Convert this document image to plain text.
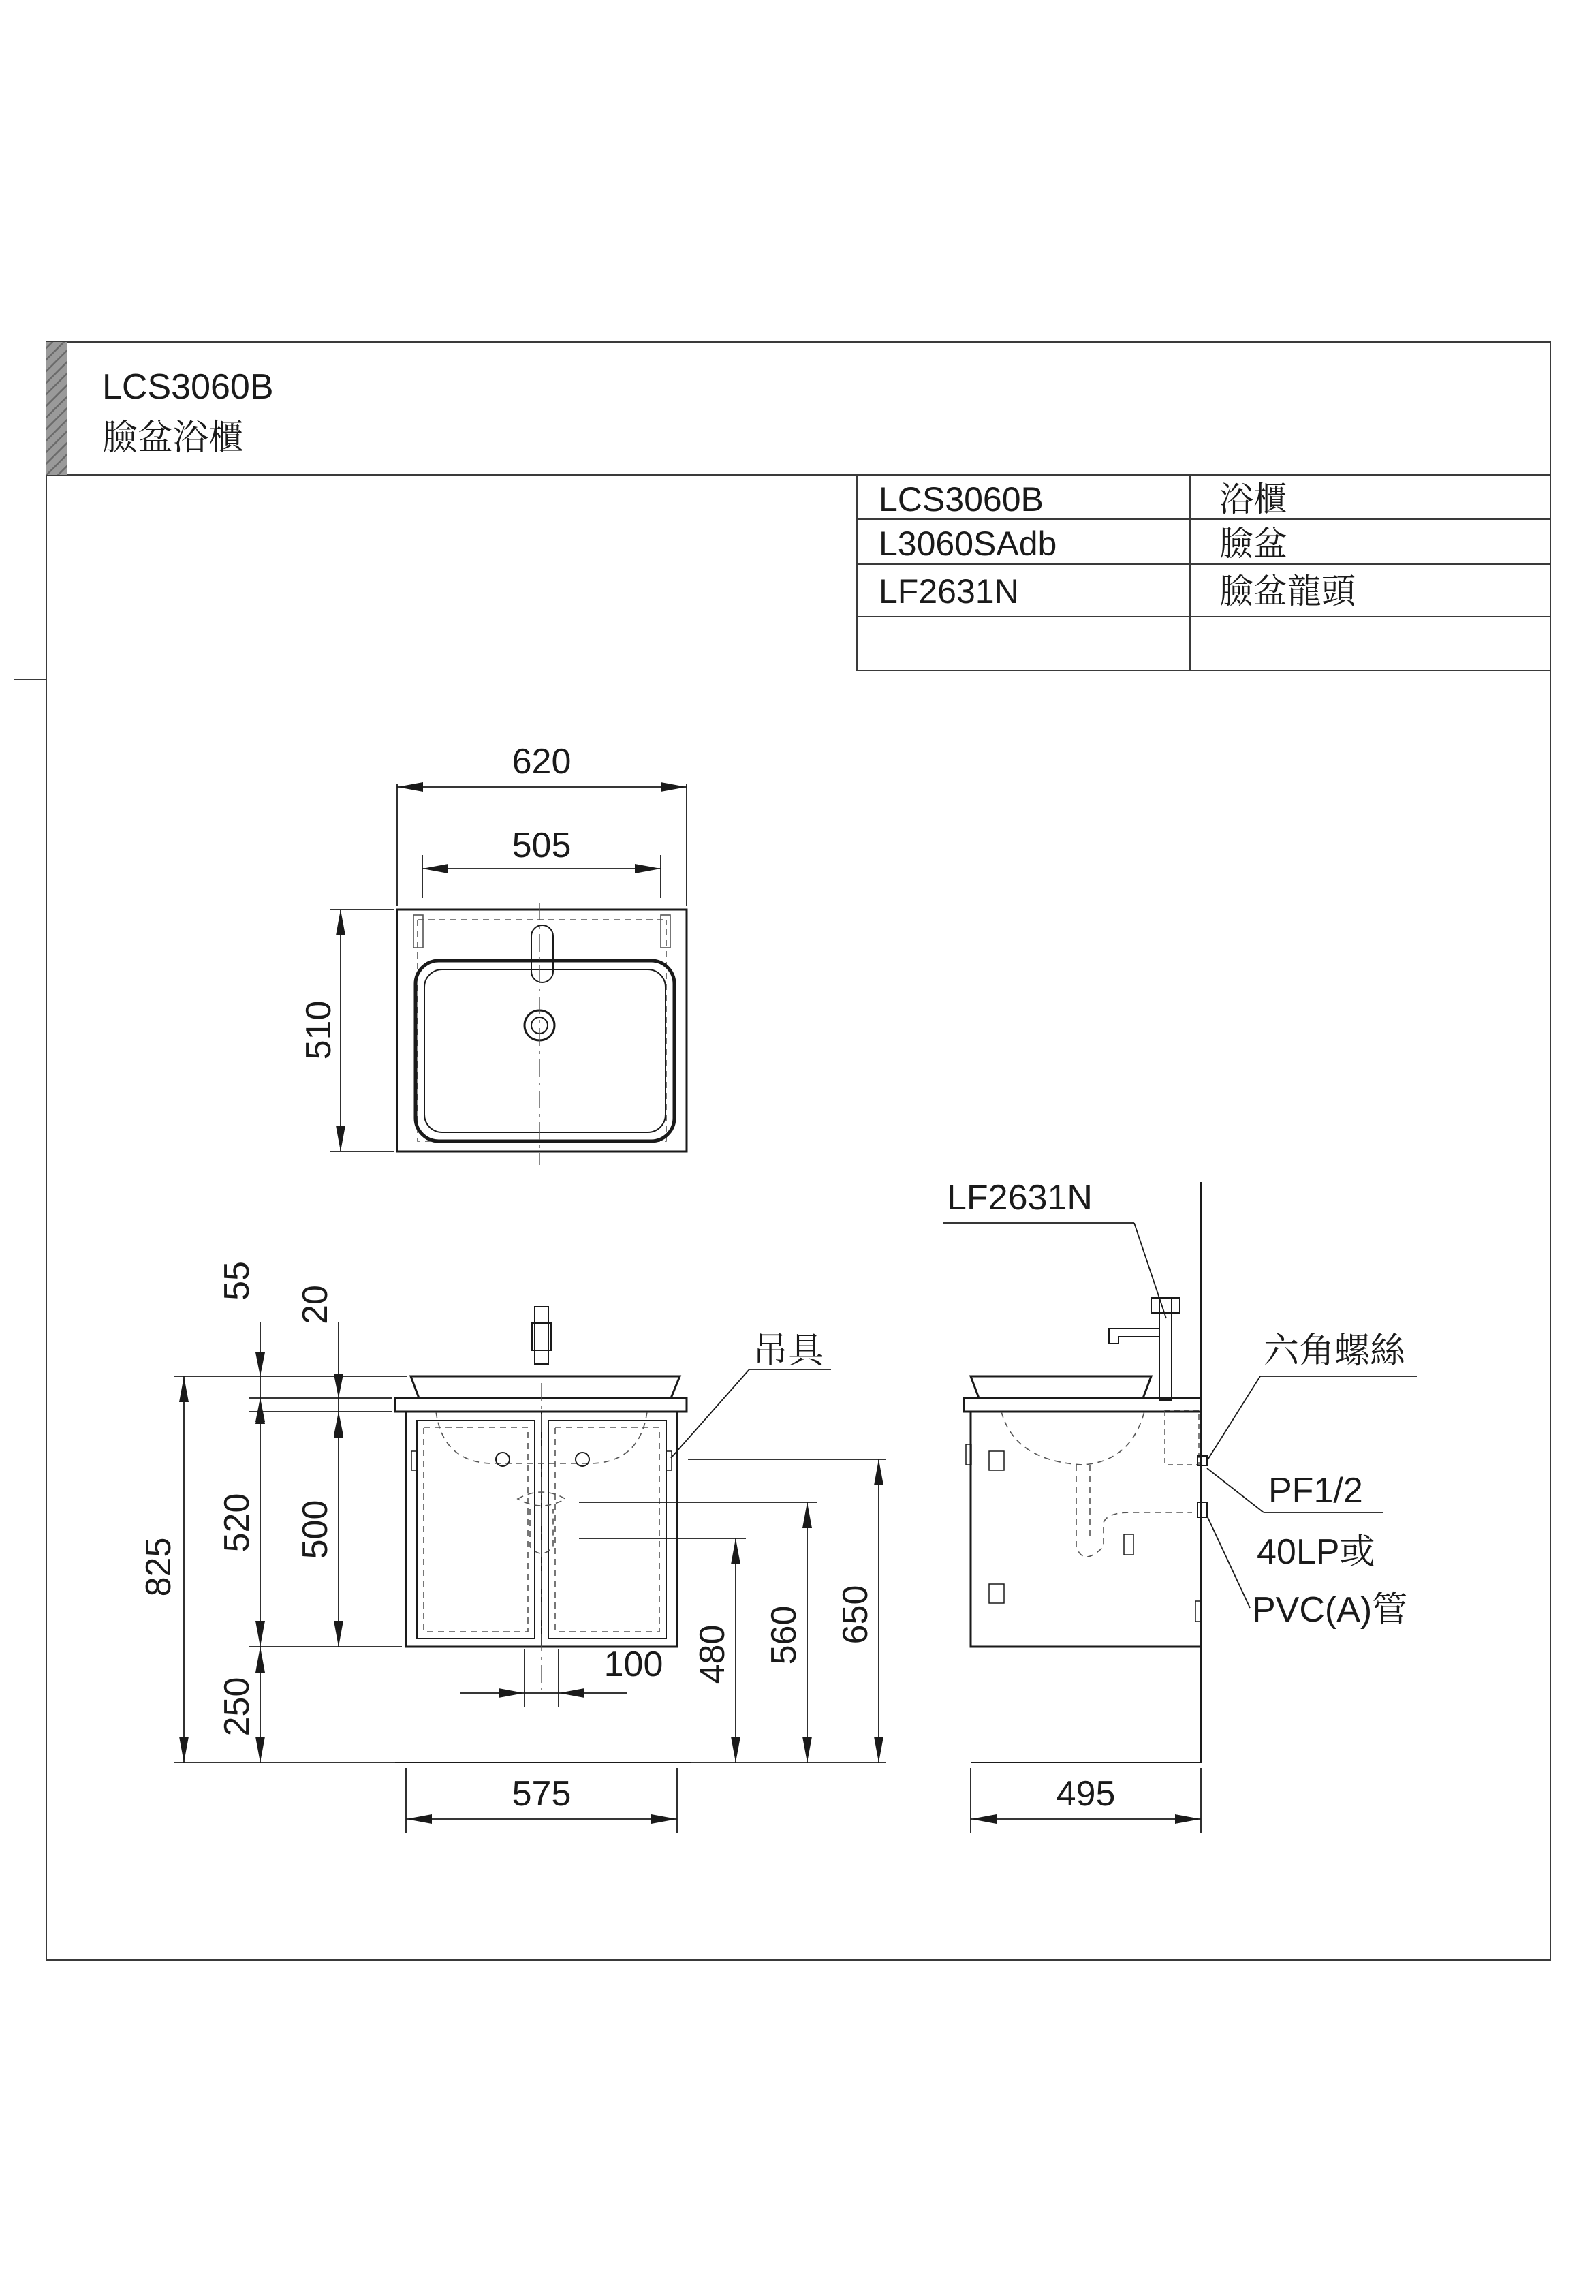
LCS3060B
臉盆浴櫃
LCS3060B	浴櫃
L3060SAdb	臉盆
LF2631N	臉盆龍頭
620
505
510
825
55
520
250
20
500
480 560 650
100
575
吊具
LF2631N
六角螺絲
PF1/2
40LP或
PVC(A)管
495
